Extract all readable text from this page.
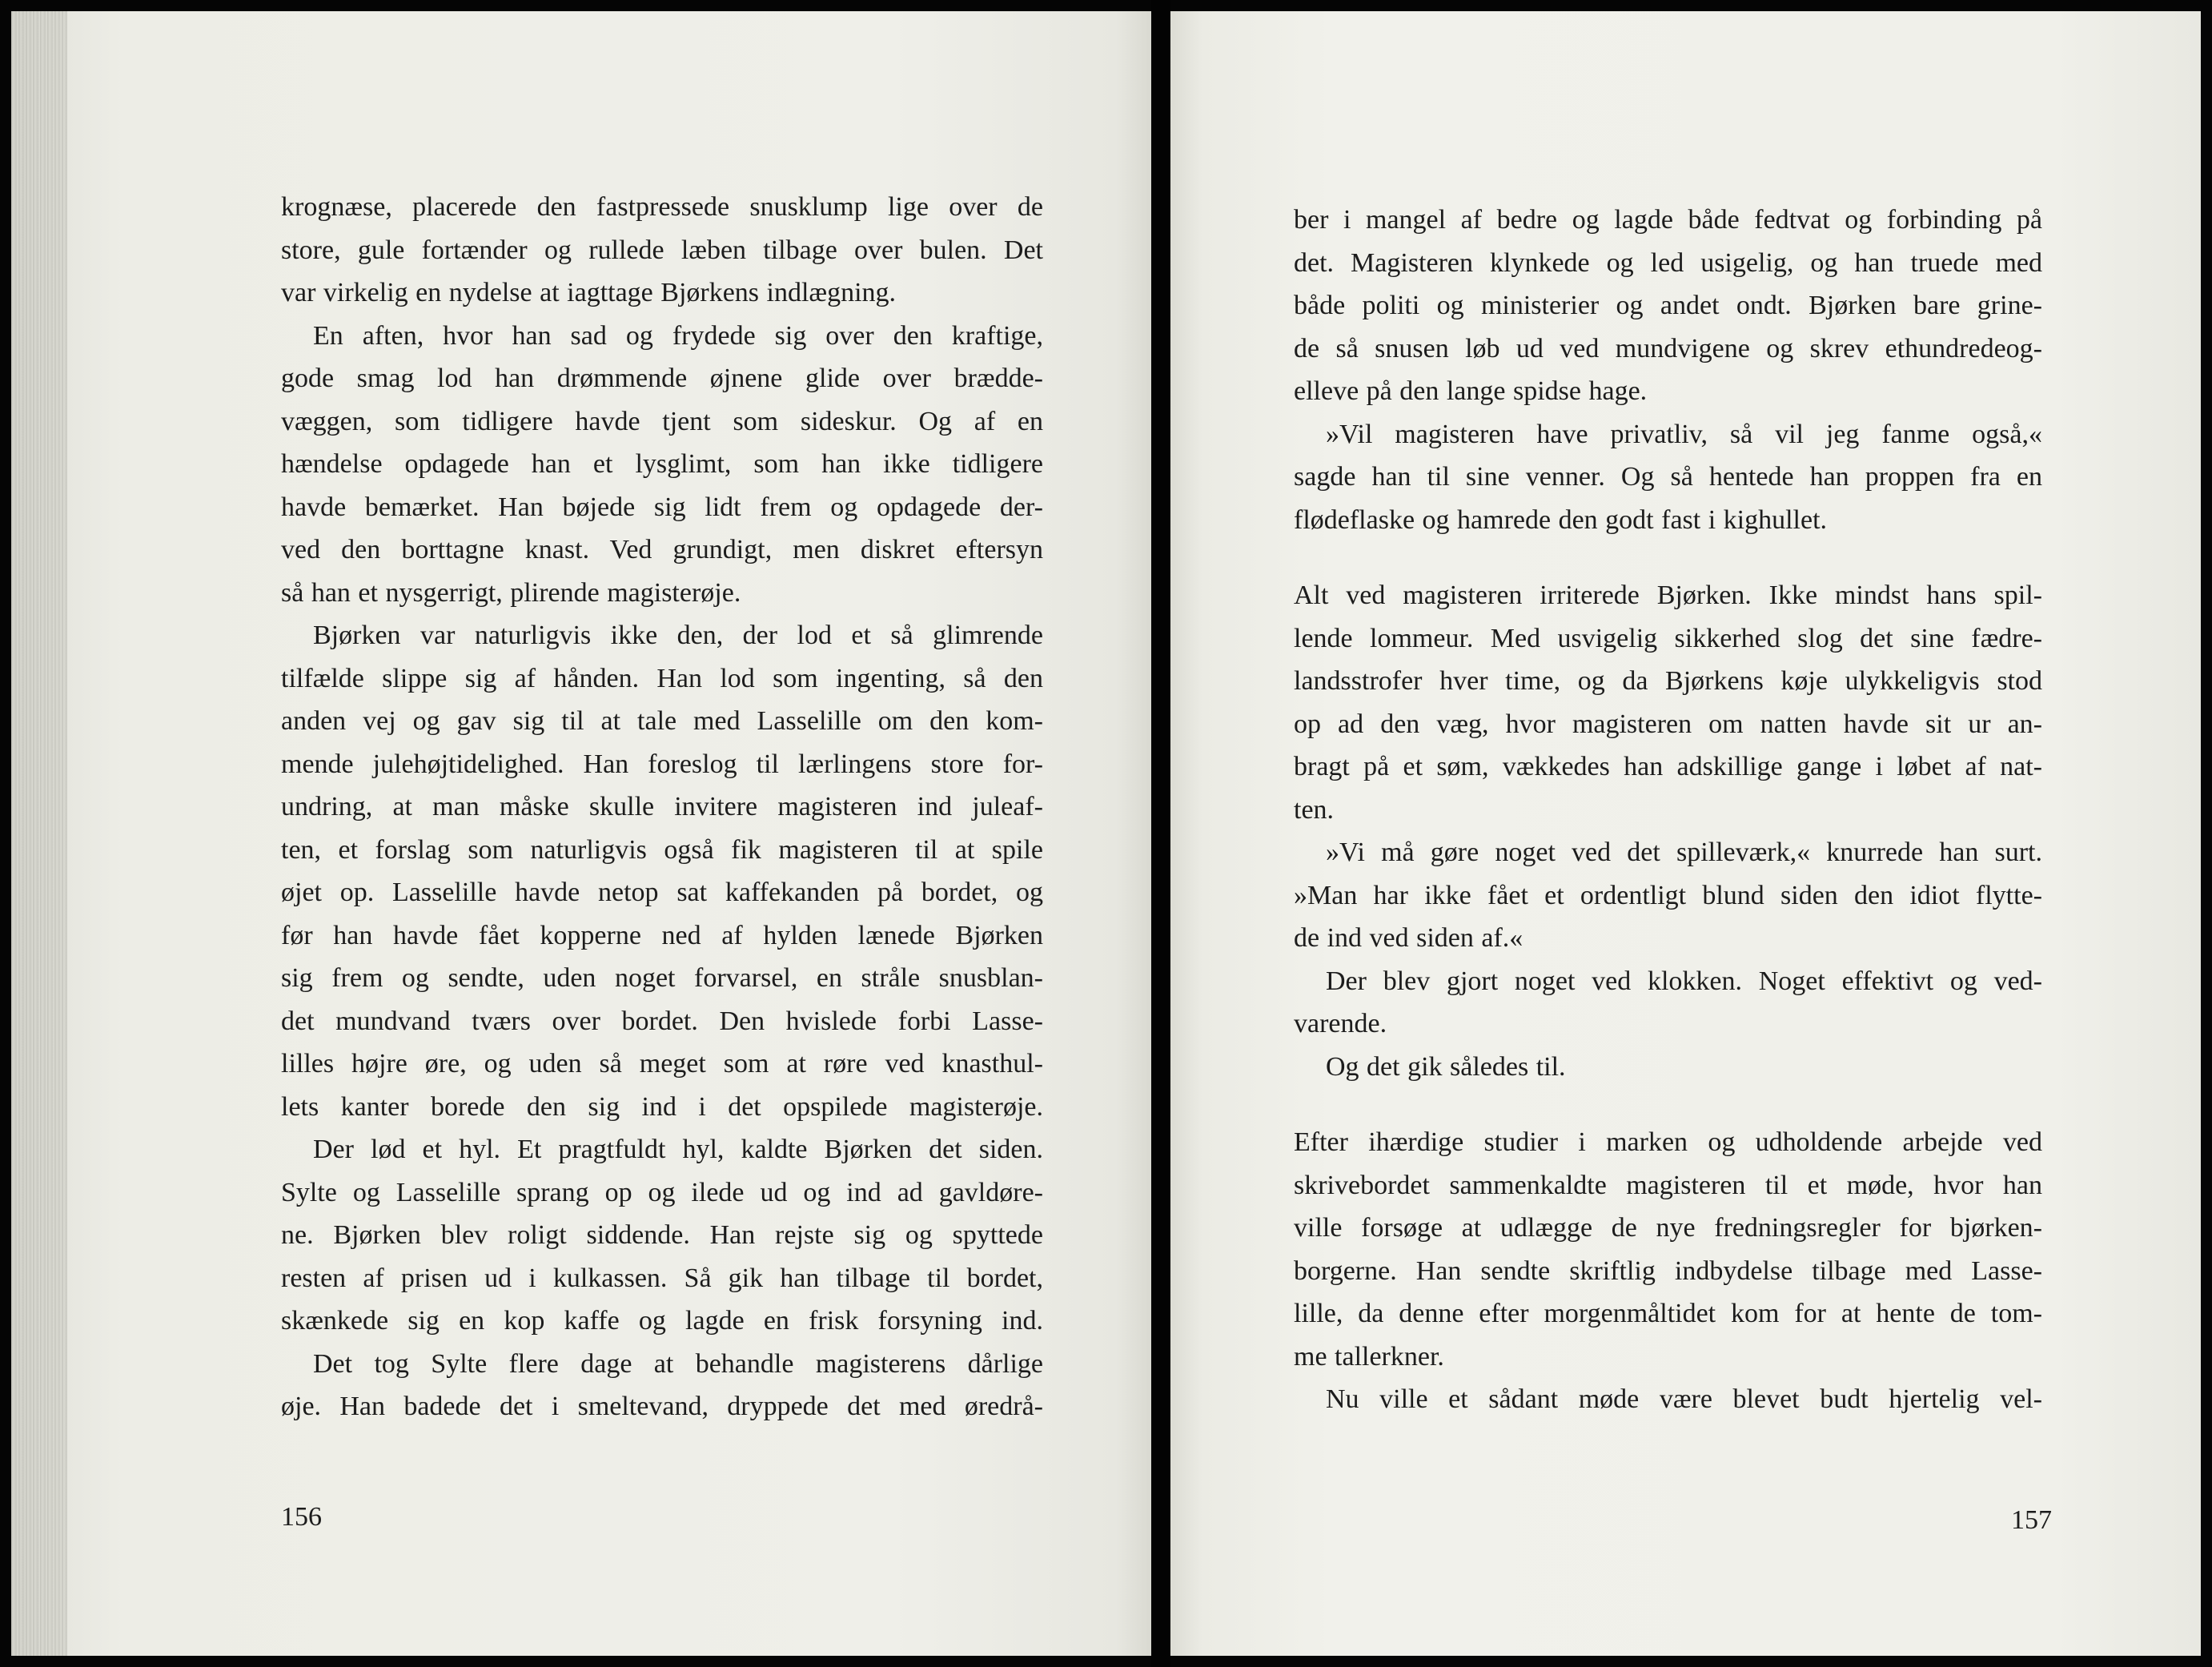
krognæse, placerede den fastpressede snusklump lige over de
store, gule fortænder og rullede læben tilbage over bulen. Det
var virkelig en nydelse at iagttage Bjørkens indlægning.
En aften, hvor han sad og frydede sig over den kraftige,
gode smag lod han drømmende øjnene glide over brædde-
væggen, som tidligere havde tjent som sideskur. Og af en
hændelse opdagede han et lysglimt, som han ikke tidligere
havde bemærket. Han bøjede sig lidt frem og opdagede der-
ved den borttagne knast. Ved grundigt, men diskret eftersyn
så han et nysgerrigt, plirende magisterøje.
Bjørken var naturligvis ikke den, der lod et så glimrende
tilfælde slippe sig af hånden. Han lod som ingenting, så den
anden vej og gav sig til at tale med Lasselille om den kom-
mende julehøjtidelighed. Han foreslog til lærlingens store for-
undring, at man måske skulle invitere magisteren ind juleaf-
ten, et forslag som naturligvis også fik magisteren til at spile
øjet op. Lasselille havde netop sat kaffekanden på bordet, og
før han havde fået kopperne ned af hylden lænede Bjørken
sig frem og sendte, uden noget forvarsel, en stråle snusblan-
det mundvand tværs over bordet. Den hvislede forbi Lasse-
lilles højre øre, og uden så meget som at røre ved knasthul-
lets kanter borede den sig ind i det opspilede magisterøje.
Der lød et hyl. Et pragtfuldt hyl, kaldte Bjørken det siden.
Sylte og Lasselille sprang op og ilede ud og ind ad gavldøre-
ne. Bjørken blev roligt siddende. Han rejste sig og spyttede
resten af prisen ud i kulkassen. Så gik han tilbage til bordet,
skænkede sig en kop kaffe og lagde en frisk forsyning ind.
Det tog Sylte flere dage at behandle magisterens dårlige
øje. Han badede det i smeltevand, dryppede det med øredrå-
156
ber i mangel af bedre og lagde både fedtvat og forbinding på
det. Magisteren klynkede og led usigelig, og han truede med
både politi og ministerier og andet ondt. Bjørken bare grine-
de så snusen løb ud ved mundvigene og skrev ethundredeog-
elleve på den lange spidse hage.
»Vil magisteren have privatliv, så vil jeg fanme også,«
sagde han til sine venner. Og så hentede han proppen fra en
flødeflaske og hamrede den godt fast i kighullet.
Alt ved magisteren irriterede Bjørken. Ikke mindst hans spil-
lende lommeur. Med usvigelig sikkerhed slog det sine fædre-
landsstrofer hver time, og da Bjørkens køje ulykkeligvis stod
op ad den væg, hvor magisteren om natten havde sit ur an-
bragt på et søm, vækkedes han adskillige gange i løbet af nat-
ten.
»Vi må gøre noget ved det spilleværk,« knurrede han surt.
»Man har ikke fået et ordentligt blund siden den idiot flytte-
de ind ved siden af.«
Der blev gjort noget ved klokken. Noget effektivt og ved-
varende.
Og det gik således til.
Efter ihærdige studier i marken og udholdende arbejde ved
skrivebordet sammenkaldte magisteren til et møde, hvor han
ville forsøge at udlægge de nye fredningsregler for bjørken-
borgerne. Han sendte skriftlig indbydelse tilbage med Lasse-
lille, da denne efter morgenmåltidet kom for at hente de tom-
me tallerkner.
Nu ville et sådant møde være blevet budt hjertelig vel-
157
